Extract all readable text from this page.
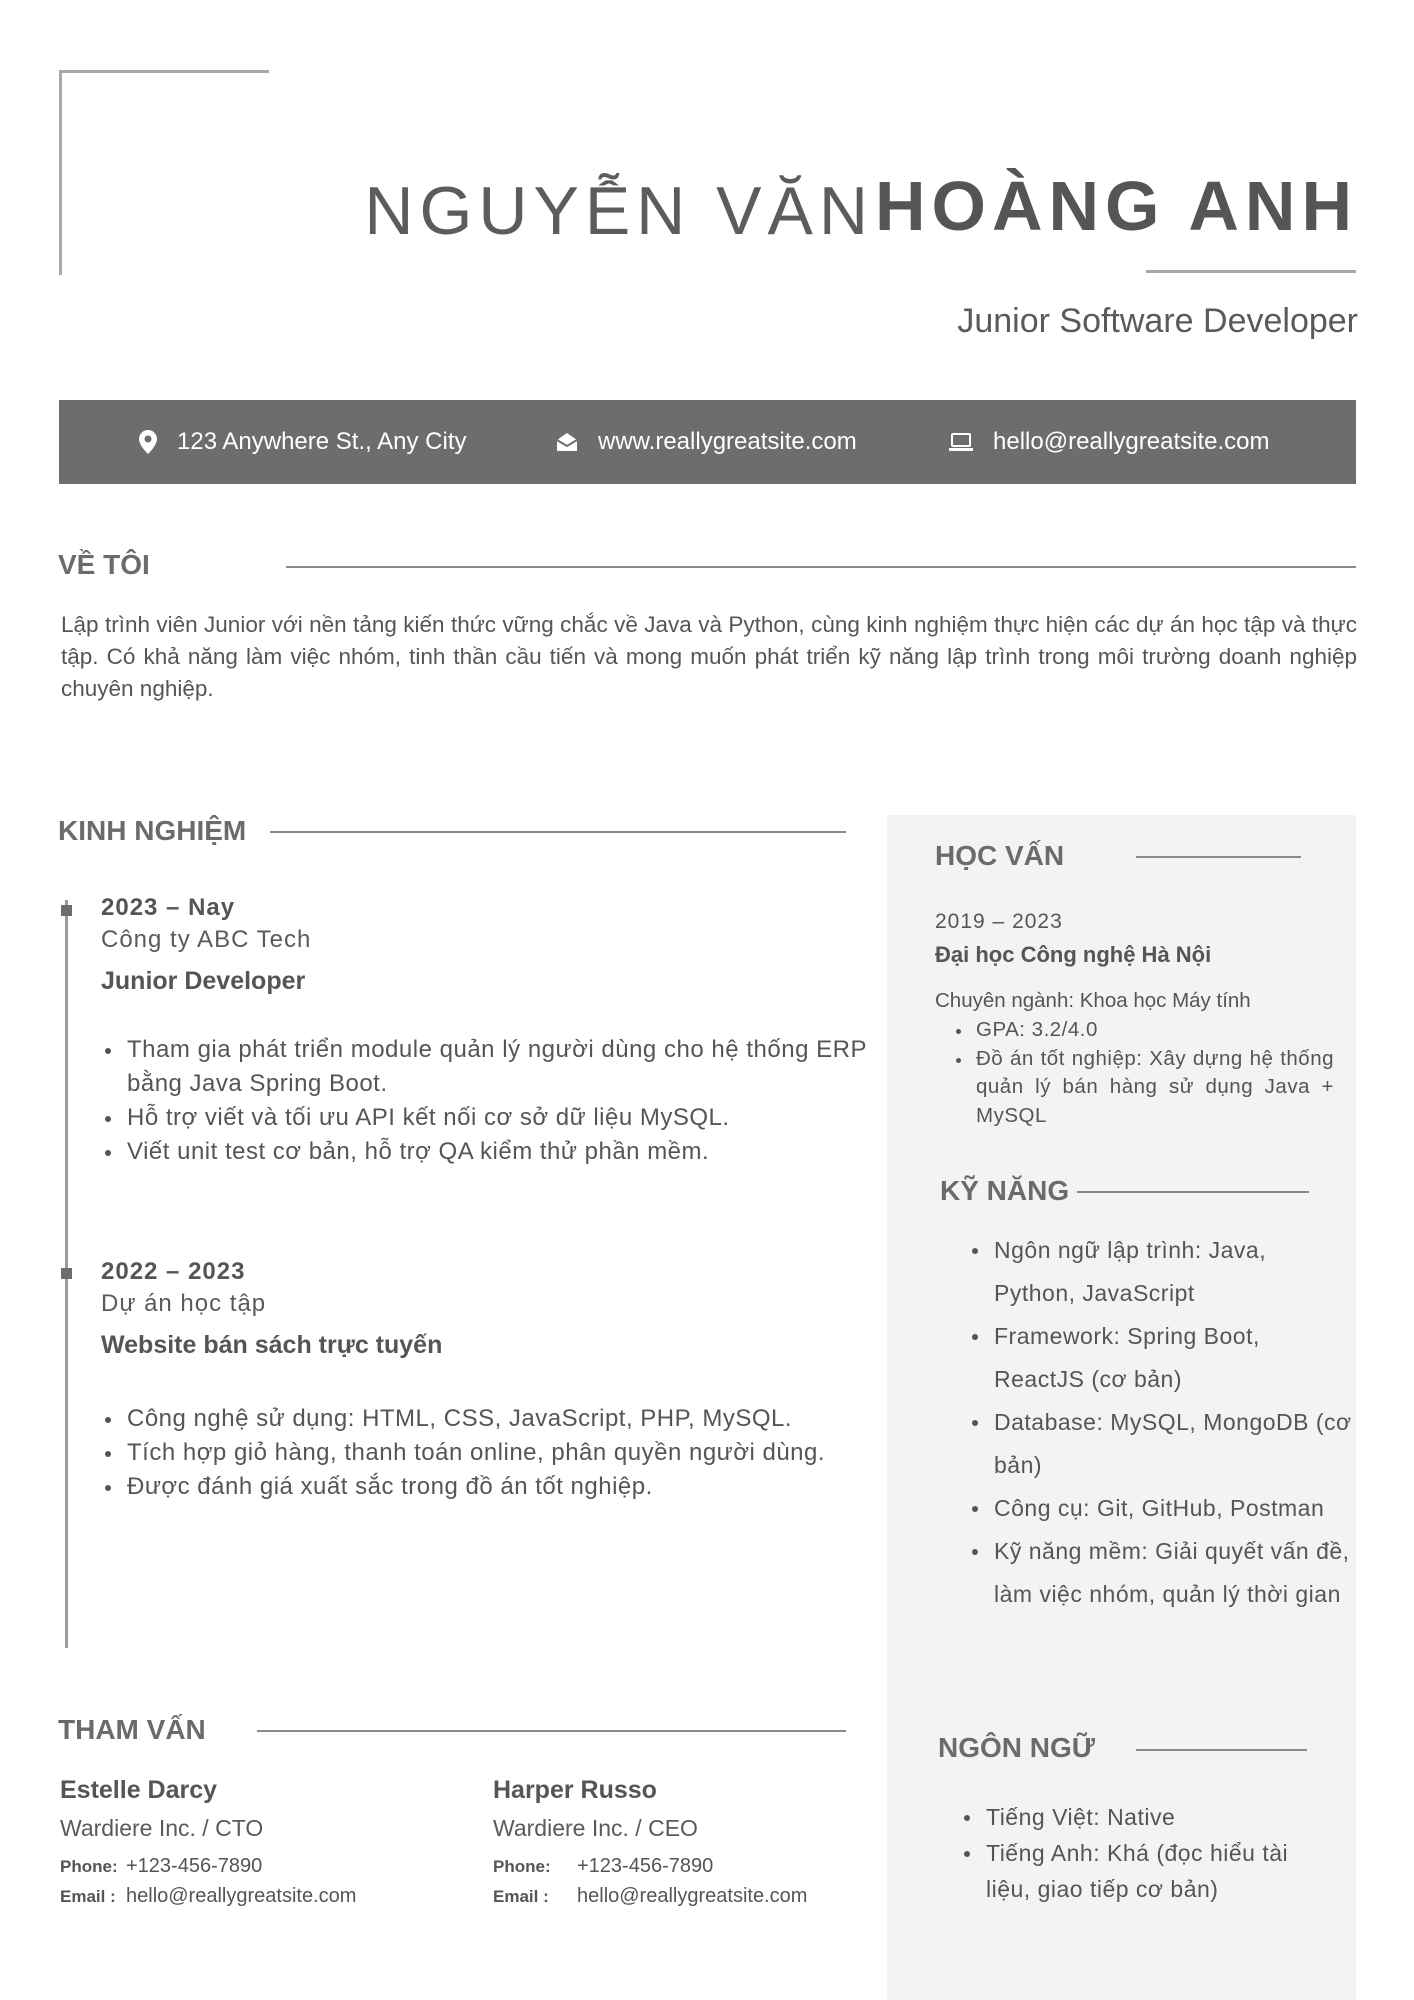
NGUYỄN VĂN HOÀNG ANH
Junior Software Developer
123 Anywhere St., Any City	www.reallygreatsite.com	hello@reallygreatsite.com
VỀ TÔI
Lập trình viên Junior với nền tảng kiến thức vững chắc về Java và Python, cùng kinh nghiệm thực hiện các dự án học tập và thực tập. Có khả năng làm việc nhóm, tinh thần cầu tiến và mong muốn phát triển kỹ năng lập trình trong môi trường doanh nghiệp chuyên nghiệp.
KINH NGHIỆM
2023 – Nay
Công ty ABC Tech
Junior Developer
Tham gia phát triển module quản lý người dùng cho hệ thống ERP bằng Java Spring Boot.
Hỗ trợ viết và tối ưu API kết nối cơ sở dữ liệu MySQL.
Viết unit test cơ bản, hỗ trợ QA kiểm thử phần mềm.
2022 – 2023
Dự án học tập
Website bán sách trực tuyến
Công nghệ sử dụng: HTML, CSS, JavaScript, PHP, MySQL.
Tích hợp giỏ hàng, thanh toán online, phân quyền người dùng.
Được đánh giá xuất sắc trong đồ án tốt nghiệp.
HỌC VẤN
2019 – 2023
Đại học Công nghệ Hà Nội
Chuyên ngành: Khoa học Máy tính
GPA: 3.2/4.0
Đồ án tốt nghiệp: Xây dựng hệ thống quản lý bán hàng sử dụng Java + MySQL
KỸ NĂNG
Ngôn ngữ lập trình: Java, Python, JavaScript
Framework: Spring Boot, ReactJS (cơ bản)
Database: MySQL, MongoDB (cơ bản)
Công cụ: Git, GitHub, Postman
Kỹ năng mềm: Giải quyết vấn đề, làm việc nhóm, quản lý thời gian
NGÔN NGỮ
Tiếng Việt: Native
Tiếng Anh: Khá (đọc hiểu tài liệu, giao tiếp cơ bản)
THAM VẤN
Estelle Darcy
Wardiere Inc. / CTO
Phone: +123-456-7890
Email : hello@reallygreatsite.com
Harper Russo
Wardiere Inc. / CEO
Phone: +123-456-7890
Email : hello@reallygreatsite.com
